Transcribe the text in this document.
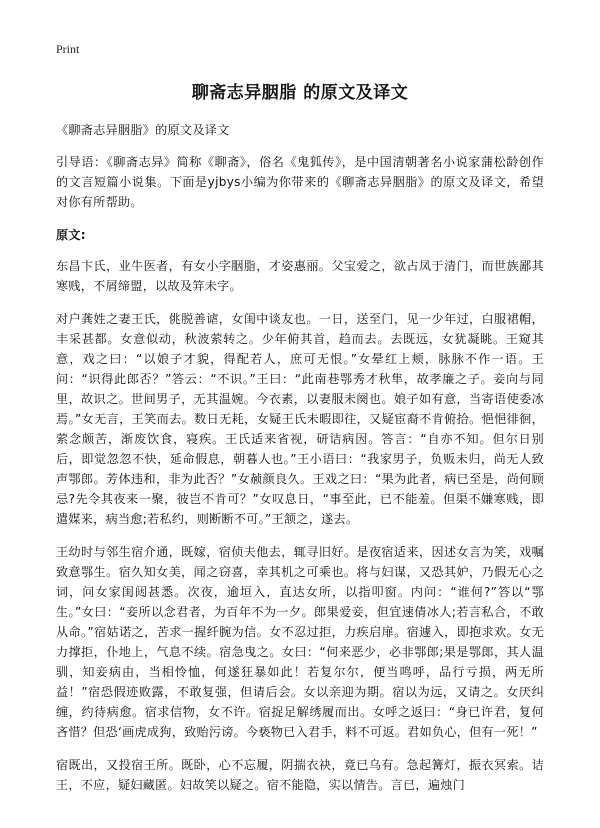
Print
聊斋志异胭脂 的原文及译文

《聊斋志异胭脂》的原文及译文

引导语：《聊斋志异》简称《聊斋》，俗名《鬼狐传》，是中国清朝著名小说家蒲松龄创作的文言短篇小说集。下面是yjbys小编为你带来的《聊斋志异胭脂》的原文及译文，希望对你有所帮助。

原文:

东昌卞氏，业牛医者，有女小字胭脂，才姿惠丽。父宝爱之，欲占凤于清门，而世族鄙其寒贱，不屑缔盟，以故及笄未字。

对户龚姓之妻王氏，佻脱善谑，女闺中谈友也。一日，送至门，见一少年过，白服裙帽，丰采甚都。女意似动，秋波萦转之。少年俯其首，趋而去。去既远，女犹凝眺。王窥其意，戏之曰：“以娘子才貌，得配若人，庶可无恨。”女晕红上颊，脉脉不作一语。王问：“识得此郎否？”答云：“不识。”王曰：“此南巷鄂秀才秋隼，故孝廉之子。妾向与同里，故识之。世间男子，无其温婉。今衣素，以妻服未阕也。娘子如有意，当寄语使委冰焉。”女无言，王笑而去。数日无耗，女疑王氏未暇即往，又疑宦裔不肯俯拾。悒悒徘徊，萦念颇苦，渐废饮食，寝疾。王氏适来省视，研诘病因。答言：“自亦不知。但尔日别后，即觉忽忽不快，延命假息，朝暮人也。”王小语曰：“我家男子，负贩未归，尚无人致声鄂郎。芳体违和，非为此否？”女赪颜良久。王戏之曰：“果为此者，病已至是，尚何顾忌?先令其夜来一聚，彼岂不肯可？”女叹息日，“事至此，已不能羞。但渠不嫌寒贱，即遣媒来，病当愈;若私约，则断断不可。”王颔之，遂去。

王幼时与邻生宿介通，既嫁，宿侦夫他去，辄寻旧好。是夜宿适来，因述女言为笑，戏嘱致意鄂生。宿久知女美，闻之窃喜，幸其机之可乘也。将与妇谋，又恐其妒，乃假无心之词，问女家闺闼甚悉。次夜，逾垣入，直达女所，以指叩窗。内问：“谁何?”答以“鄂生。”女曰：“妾所以念君者，为百年不为一夕。郎果爱妾，但宜速倩冰人;若言私合，不敢从命。”宿姑诺之，苦求一握纤腕为信。女不忍过拒，力疾启扉。宿遽入，即抱求欢。女无力撑拒，仆地上，气息不续。宿急曳之。女曰：“何来恶少，必非鄂郎;果是鄂郎，其人温驯，知妾病由，当相怜恤，何遂狂暴如此！若复尔尔，便当鸣呼，品行亏损，两无所益！”宿恐假迹败露，不敢复强，但请后会。女以亲迎为期。宿以为远，又请之。女厌纠缠，约待病愈。宿求信物，女不许。宿捉足解绣履而出。女呼之返曰：“身已许君，复何吝惜？但恐‘画虎成狗，致贻污谤。今亵物已入君手，料不可返。君如负心，但有一死！”

宿既出，又投宿王所。既卧，心不忘履，阴揣衣袂，竟已乌有。急起篝灯，振衣冥索。诘王，不应，疑妇藏匿。妇故笑以疑之。宿不能隐，实以情告。言已，遍烛门
